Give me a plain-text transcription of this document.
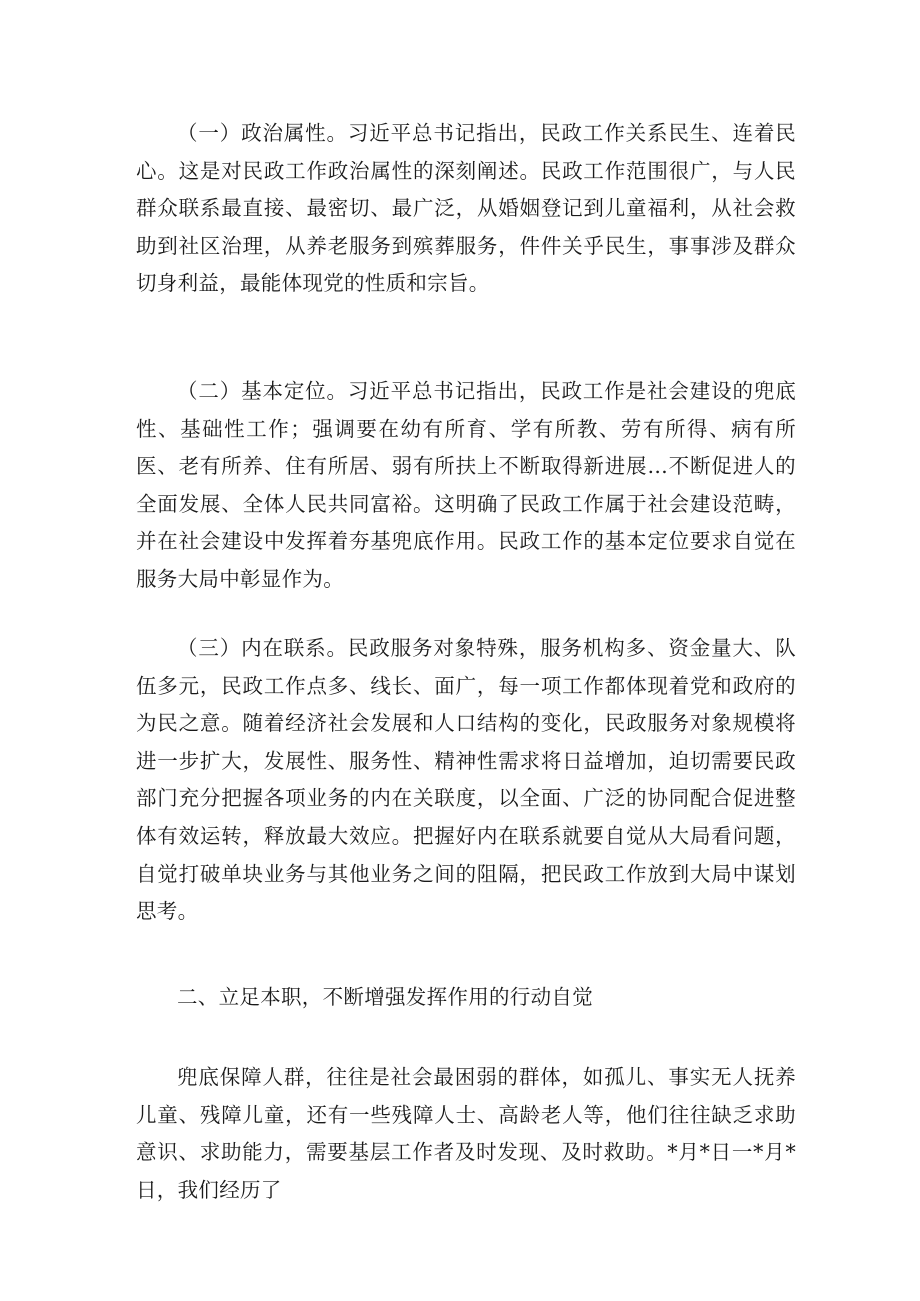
（一）政治属性。习近平总书记指出，民政工作关系民生、连着民心。这是对民政工作政治属性的深刻阐述。民政工作范围很广，与人民群众联系最直接、最密切、最广泛，从婚姻登记到儿童福利，从社会救助到社区治理，从养老服务到殡葬服务，件件关乎民生，事事涉及群众切身利益，最能体现党的性质和宗旨。

（二）基本定位。习近平总书记指出，民政工作是社会建设的兜底性、基础性工作；强调要在幼有所育、学有所教、劳有所得、病有所医、老有所养、住有所居、弱有所扶上不断取得新进展…不断促进人的全面发展、全体人民共同富裕。这明确了民政工作属于社会建设范畴，并在社会建设中发挥着夯基兜底作用。民政工作的基本定位要求自觉在服务大局中彰显作为。

（三）内在联系。民政服务对象特殊，服务机构多、资金量大、队伍多元，民政工作点多、线长、面广，每一项工作都体现着党和政府的为民之意。随着经济社会发展和人口结构的变化，民政服务对象规模将进一步扩大，发展性、服务性、精神性需求将日益增加，迫切需要民政部门充分把握各项业务的内在关联度，以全面、广泛的协同配合促进整体有效运转，释放最大效应。把握好内在联系就要自觉从大局看问题，自觉打破单块业务与其他业务之间的阻隔，把民政工作放到大局中谋划思考。

二、立足本职，不断增强发挥作用的行动自觉

兜底保障人群，往往是社会最困弱的群体，如孤儿、事实无人抚养儿童、残障儿童，还有一些残障人士、高龄老人等，他们往往缺乏求助意识、求助能力，需要基层工作者及时发现、及时救助。*月*日一*月*日，我们经历了
